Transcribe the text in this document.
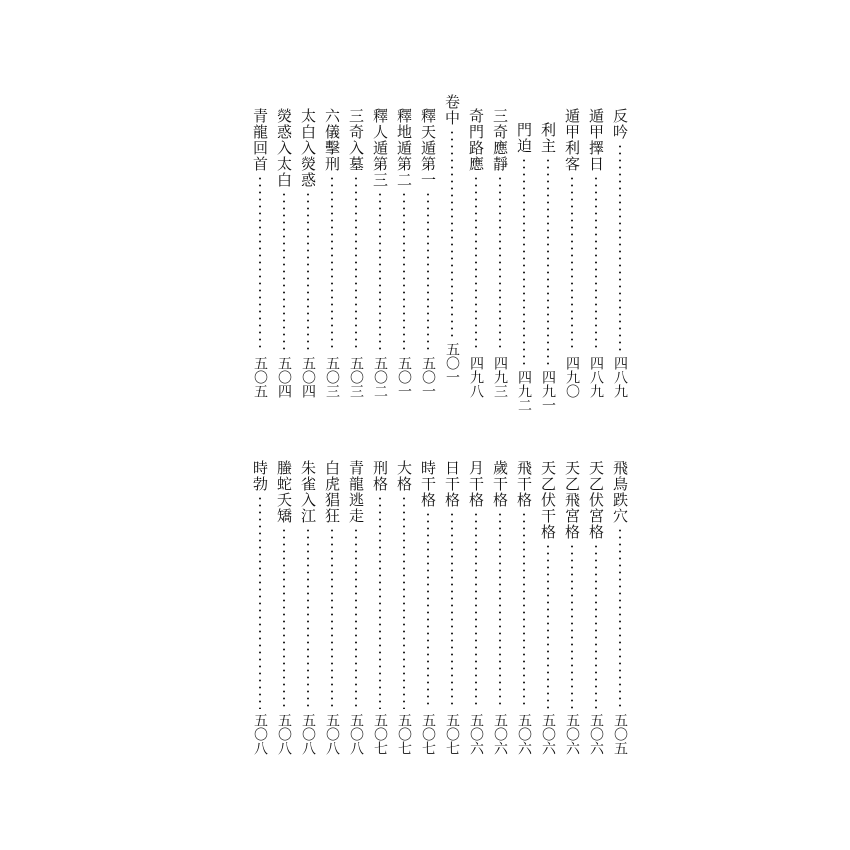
反吟
四八九
遁甲擇日
四八九
遁甲利客
四九〇
利主
四九一
門迫
四九二
三奇應靜
四九三
奇門路應
四九八
卷中
五〇一
釋天遁第一
五〇一
釋地遁第二
五〇一
釋人遁第三
五〇二
三奇入墓
五〇三
六儀擊刑
五〇三
太白入熒惑
五〇四
熒惑入太白
五〇四
青龍回首
五〇五
飛鳥跌穴
五〇五
天乙伏宮格
五〇六
天乙飛宮格
五〇六
天乙伏干格
五〇六
飛干格
五〇六
歲干格
五〇六
月干格
五〇六
日干格
五〇七
時干格
五〇七
大格
五〇七
刑格
五〇七
青龍逃走
五〇八
白虎猖狂
五〇八
朱雀入江
五〇八
螣蛇夭矯
五〇八
時勃
五〇八
